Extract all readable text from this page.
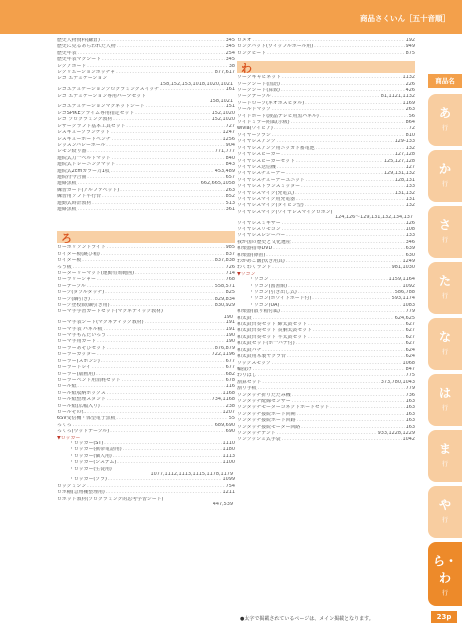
商品さくいん［五十音順］
商品名
あ
行
か
行
さ
行
た
行
な
行
は
行
ま
行
や
行
ら・わ
行
歴史人物資料(鎌倉) - - -	345
歴史に見るあらわれた人物 - - -	345
歴史年表 - - -	254
歴史年表マグシート - - -	345
レクアボード - - -	38
レクリエーションボッチャ - - -	877,617
レゴ エデュケーション
158,152,153,1018,1020,1021
レゴエデュケーションプログラミングスイッチ - - -	161
レゴ エデュケーション専用パーツセット
158,1021
レゴエデュケーションマグネットシート - - -	151
レゴSPIKEプライム専用指定セット - - -	152,1020
レゴ プログラミング教材 - - -	152,1020
レザークラフト基本工具セット - - -	727
レスキューブランケット - - -	1247
レスキューボードベンチ - - -	1256
レッスンバレーボール - - -	904
レモン絞り器 - - -	771,777
連続式力一ベルトマット - - -	840
連続式トレーニングマット - - -	843
連続式2cmカラー力1枚 - - -	453,489
連続符今合曲 - - -	657
連絡黒板 - - -	662,665,1058
練習カード(アルファベット) - - -	263
練習用ソフト平行台 - - -	852
連動式時計教材 - - -	513
連絡黒板 - - -	361
ろ
ローポリソントライト - - -	985
ロイター板(跳び箱) - - -	837
ロイター板 - - -	837,838
ろう板 - - -	726
ローターリーマット(運動有効範囲) - - -	714
ローラリージャー - - -	768
ローテーブル - - -	558,571
ロープ(ダブルダッチ) - - -	825
ロープ(綱引き) - - -	829,834
ロープ登校数(綱引き用) - - -	830,929
ローマ字学習カードセット(マグネティック教材)
190
ローマ字表シート(マグネティック教材) - - -	191
ローマ字表 パネル板 - - -	191
ローマ字もんだいろう - - -	190
ローマ字用カード - - -	190
ローラーあそびセット - - -	876,879
ローラーカッター - - -	722,1196
ローラー(スポンジ) - - -	677
ローラートレイ - - -	677
ローラー(版画用) - - -	682
ローラーベント用消耗セット - - -	678
ロール紙 - - -	116
ロール紙収納ボックス - - -	1168
ロール紙整理スタンド - - -	734,1168
ロール紙(広幅入り) - - -	238
ロールその仁 - - -	1207
6SV受信機・体型電子黒板 - - -	55
ろくろ - - -	689,690
ろくろ(ウッドテーブル) - - -	690
▼ロッカー
・ロッカー(ST) - - -	1110
・ロッカー(携帯電話用) - - -	1180
・ロッカー(個人用) - - -	1113
・ロッカー(システム) - - -	1100
・ロッカー(生徒用)
1077,1112,1113,1115,1178,1179
・ロッカー(ブラ) - - -	1099
ロックミシン - - -	754
ロボ棚(急角棚整理用) - - -	1211
ロボット教材(プログラミング的思考学習シート)
447,539
ロメオ - - -	192
ロングバット(ウィッフルボール用) - - -	949
ロングビート - - -	875
わ
ワークキャビネット - - -	1132
ワークシート(国語) - - -	226
ワークシート(算数) - - -	426
ワークテーブル - - -	81,1121,1132
ワードローブ(ネオボスピダル) - - -	1169
ワールドマップ - - -	263
ワイドボード(液晶テレビ用黒パネル) - - -	56
ワイドミラー附属(示板) - - -	864
wivia(ワイビア) - - -	72
ワイヤーブラシ - - -	810
ワイヤレスアンプ - - -	129-133
ワイヤレスアンプ用ニッカド蓄電池 - - -	132
ワイヤレスピーカー - - -	127,128
ワイヤレスピーカーセット - - -	125,127,128
ワイヤレス送信機 - - -	127
ワイヤレスチューナー - - -	129,131,132
ワイヤレスチューナーユニット - - -	128,131
ワイヤレストランスミッター - - -	133
ワイヤレスマイク(充電式) - - -	131,132
ワイヤレスマイク用充電器 - - -	131
ワイヤレスマイク(タイピン型) - - -	132
ワイヤレスマイク(ワイヤレスマイクロホン)
124,126〜129,131,132,134,137
ワイヤレスミキサー - - -	126
ワイヤレスリモコン - - -	108
ワイヤレスレシーバー - - -	133
我が国の歴史と文化遺産 - - -	346
和楽器指導DVD - - -	639
和楽器(篠笛) - - -	630
わかめご飯(炊き用具) - - -	1249
わくわくランド - - -	981,1030
▼ワゴン
・ワゴン - - -	1159,1164
・ワゴン(図書館) - - -	1092
・ワゴン(引き出し式) - - -	586,788
・ワゴン(ホワイトボード付) - - -	593,1174
・ワゴン(UA) - - -	1083
和楽器(散り箱付属) - - -	779
和太鼓 - - -	624,625
和太鼓台奏セット 締太鼓セット - - -	627
和太鼓台奏セット 長胴太鼓セット - - -	627
和太鼓台奏セット 平太鼓セット - - -	627
和太鼓セット(ホ一バナ付) - - -	627
和太鼓バチ - - -	624
和太鼓用木製ヤグラ台 - - -	624
ワックスモップ - - -	1068
輪投げ - - -	847
わりばし - - -	775
割算セット - - -	373,780,1043
割り手板 - - -	779
ワンタッチ折りたたみ機 - - -	736
ワンタッチ配線センサー - - -	163
ワンタッチモーターコネクトボードセット - - -	163
ワンタッチ接続ボード同期 - - -	163
ワンタッチ接続ボード回路 - - -	163
ワンタッチ接続モーター回路 - - -	163
ワンタッチテント - - -	933,1228,1229
ワンプッシュ式手袋 - - -	1042
●太字で掲載されているページは、メイン掲載となります。	23p
